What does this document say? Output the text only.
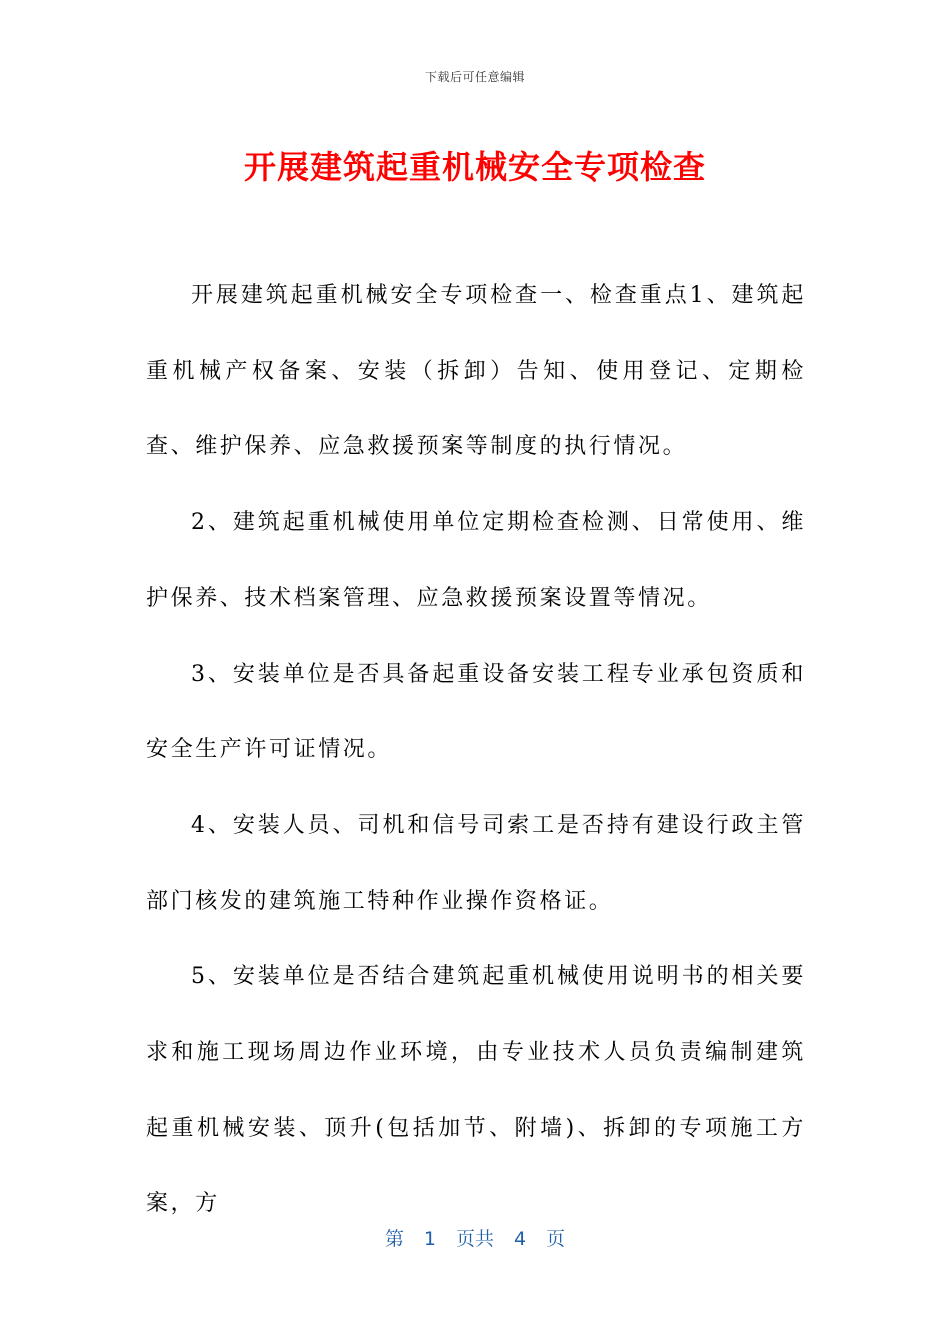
下载后可任意编辑
开展建筑起重机械安全专项检查

开展建筑起重机械安全专项检查一、检查重点1、建筑起重机械产权备案、安装（拆卸）告知、使用登记、定期检查、维护保养、应急救援预案等制度的执行情况。

2、建筑起重机械使用单位定期检查检测、日常使用、维护保养、技术档案管理、应急救援预案设置等情况。

3、安装单位是否具备起重设备安装工程专业承包资质和安全生产许可证情况。

4、安装人员、司机和信号司索工是否持有建设行政主管部门核发的建筑施工特种作业操作资格证。

5、安装单位是否结合建筑起重机械使用说明书的相关要求和施工现场周边作业环境，由专业技术人员负责编制建筑起重机械安装、顶升(包括加节、附墙)、拆卸的专项施工方案，方

第 1 页共 4 页
